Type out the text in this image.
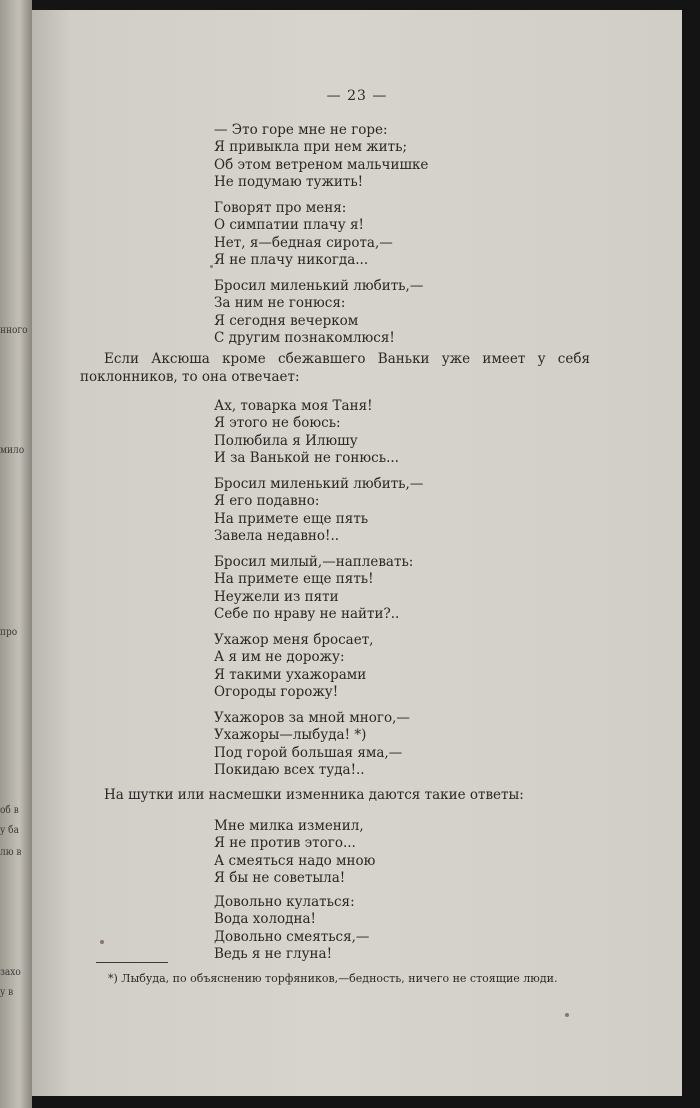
нного
мило
про
об в
у ба
лю в
захо
у в
— 23 —
— Это горе мне не горе:
Я привыкла при нем жить;
Об этом ветреном мальчишке
Не подумаю тужить!
Говорят про меня:
О симпатии плачу я!
Нет, я—бедная сирота,—
Я не плачу никогда...
Бросил миленький любить,—
За ним не гонюся:
Я сегодня вечерком
С другим познакомлюся!
Если Аксюша кроме сбежавшего Ваньки уже имеет у себя поклонников, то она отвечает:
Ах, товарка моя Таня!
Я этого не боюсь:
Полюбила я Илюшу
И за Ванькой не гонюсь...
Бросил миленький любить,—
Я его подавно:
На примете еще пять
Завела недавно!..
Бросил милый,—наплевать:
На примете еще пять!
Неужели из пяти
Себе по нраву не найти?..
Ухажор меня бросает,
А я им не дорожу:
Я такими ухажорами
Огороды горожу!
Ухажоров за мной много,—
Ухажоры—лыбуда! *)
Под горой большая яма,—
Покидаю всех туда!..
На шутки или насмешки изменника даются такие ответы:
Мне милка изменил,
Я не против этого...
А смеяться надо мною
Я бы не советыла!
Довольно кулаться:
Вода холодна!
Довольно смеяться,—
Ведь я не глуна!
*) Лыбуда, по объяснению торфяников,—бедность, ничего не стоящие люди.
